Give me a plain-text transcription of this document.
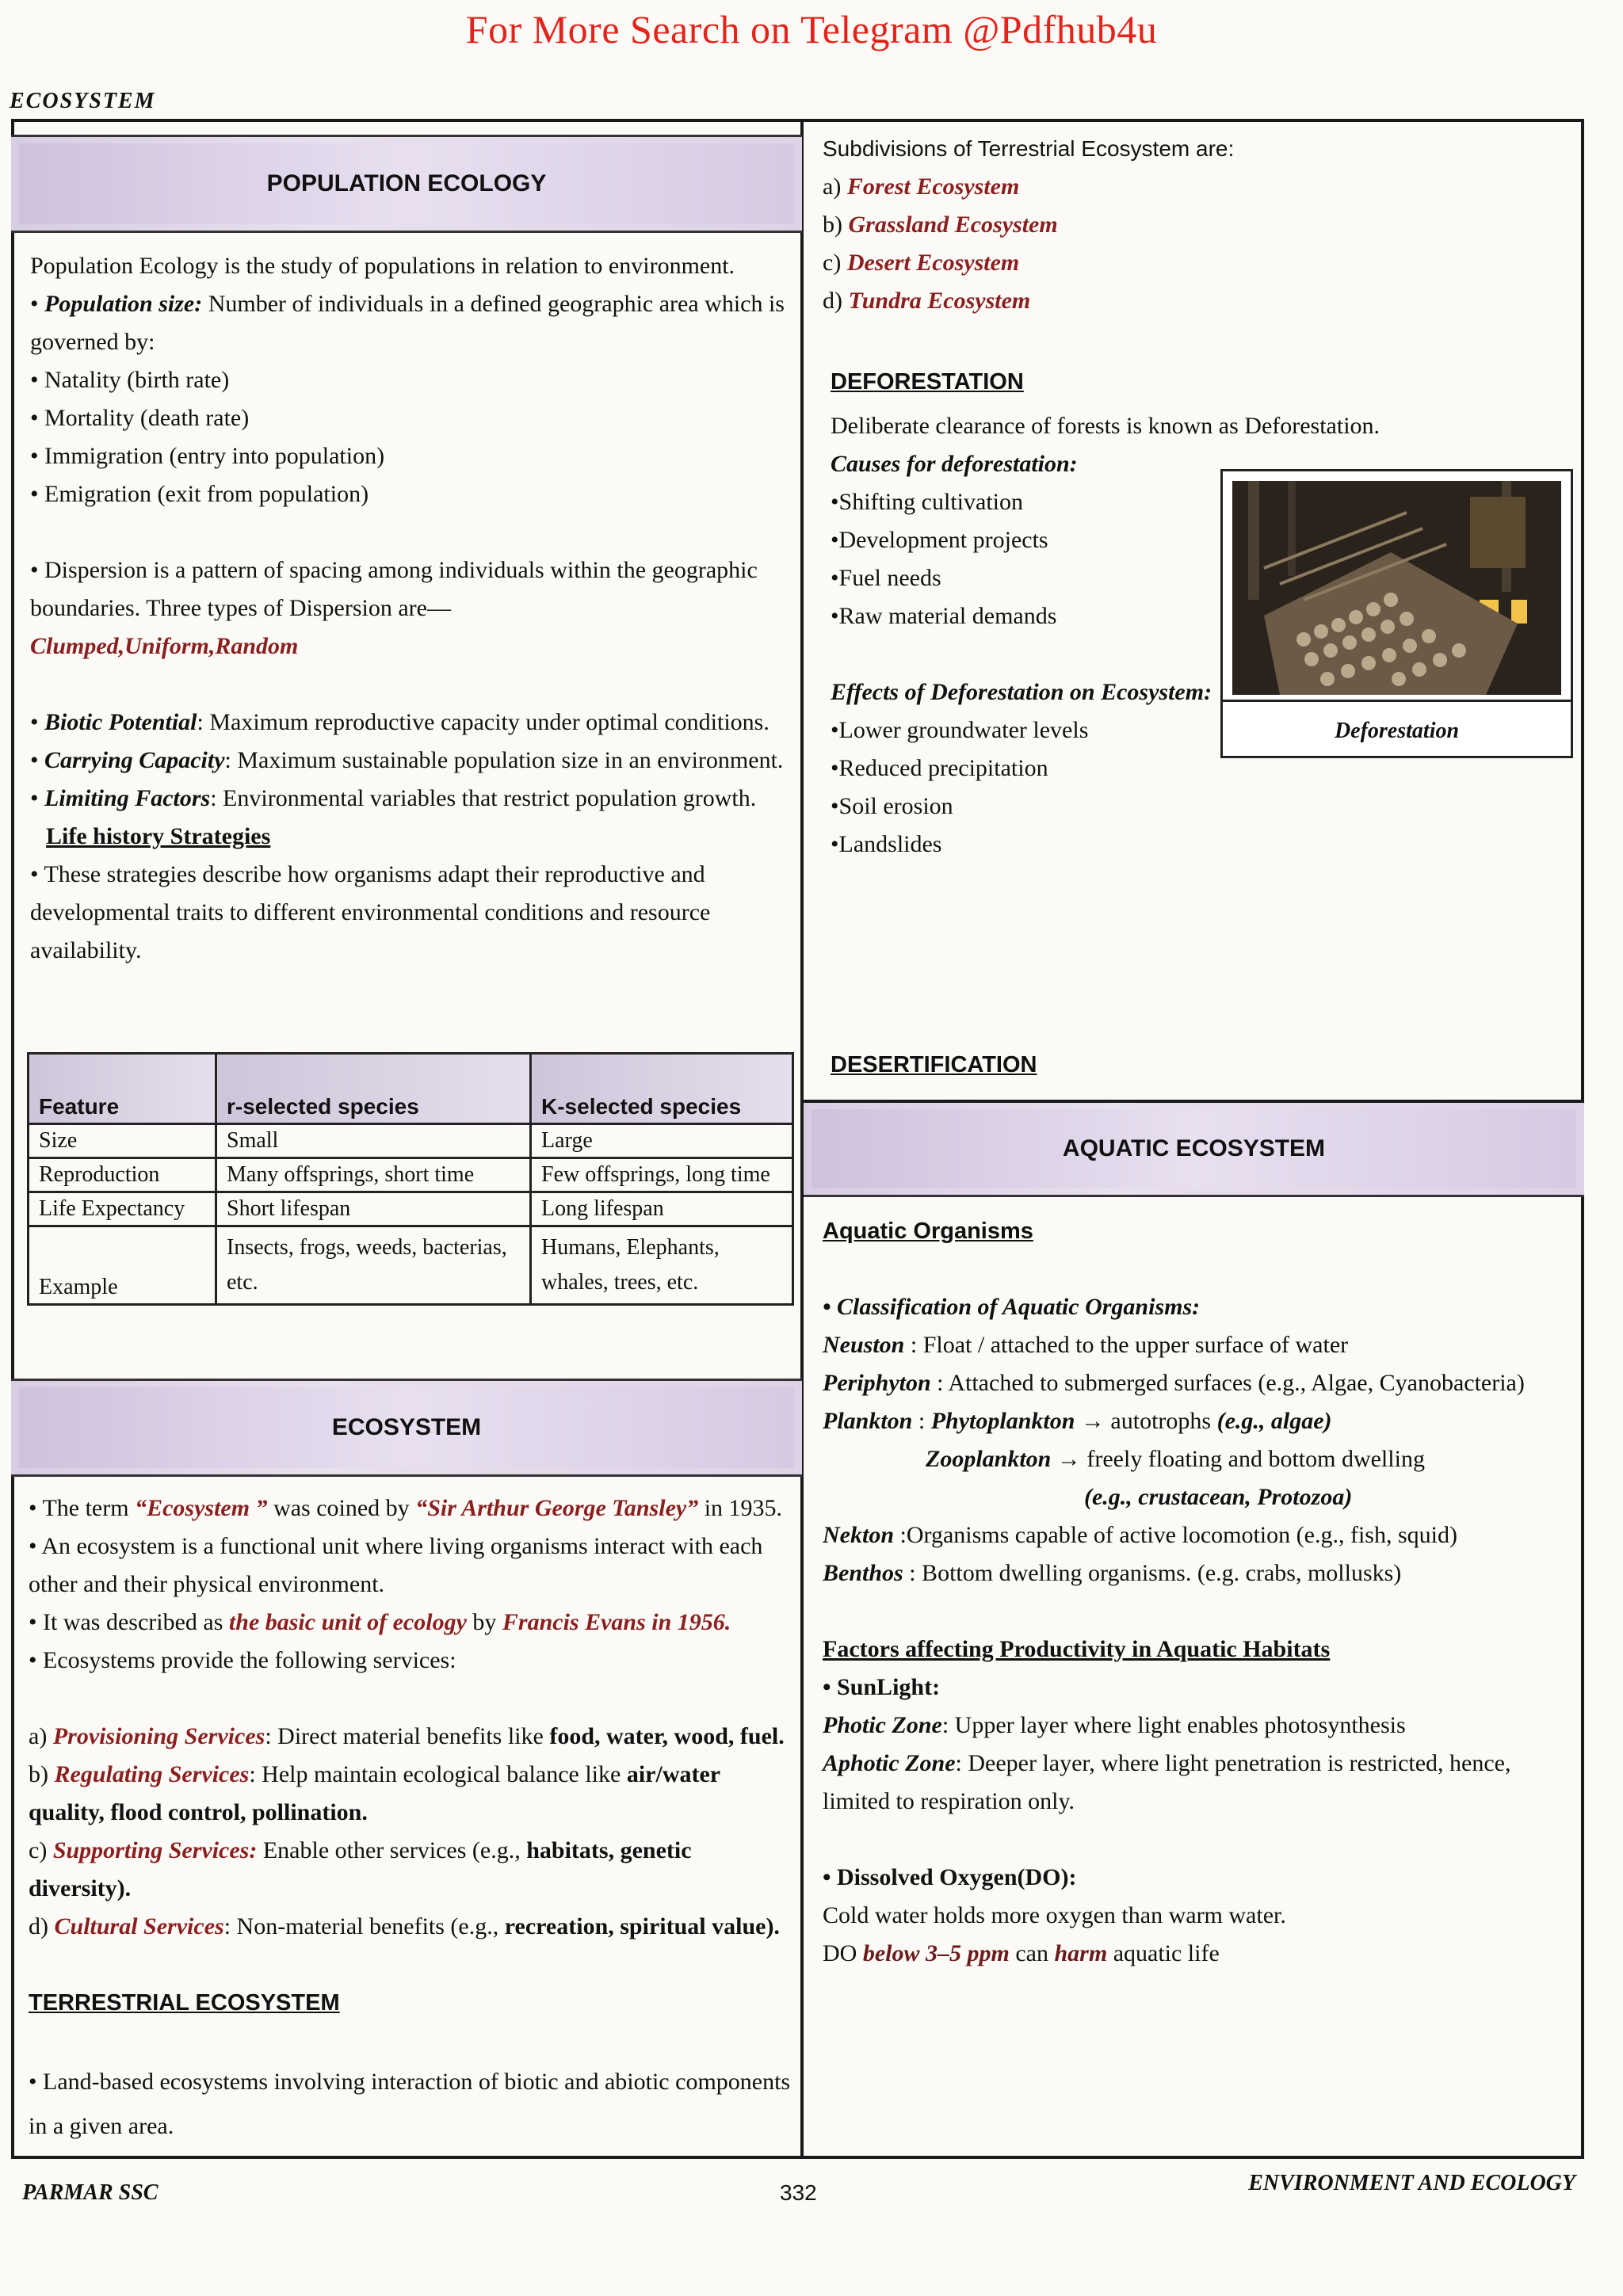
For More Search on Telegram @Pdfhub4u
ECOSYSTEM
POPULATION ECOLOGY

Population Ecology is the study of populations in relation to environment.

• Population size: Number of individuals in a defined geographic area which is governed by:

• Natality (birth rate)

• Mortality (death rate)

• Immigration (entry into population)

• Emigration (exit from population)

• Dispersion is a pattern of spacing among individuals within the geographic boundaries. Three types of Dispersion are—

Clumped,Uniform,Random

• Biotic Potential: Maximum reproductive capacity under optimal conditions.

• Carrying Capacity: Maximum sustainable population size in an environment.

• Limiting Factors: Environmental variables that restrict population growth.

Life history Strategies

• These strategies describe how organisms adapt their reproductive and developmental traits to different environmental conditions and resource availability.

Feature	r-selected species	K-selected species
Size	Small	Large
Reproduction	Many offsprings, short time	Few offsprings, long time
Life Expectancy	Short lifespan	Long lifespan
Example	Insects, frogs, weeds, bacterias, etc.	Humans, Elephants, whales, trees, etc.
ECOSYSTEM

• The term “Ecosystem ” was coined by “Sir Arthur George Tansley” in 1935.

• An ecosystem is a functional unit where living organisms interact with each other and their physical environment.

• It was described as the basic unit of ecology by Francis Evans in 1956.

• Ecosystems provide the following services:

a) Provisioning Services: Direct material benefits like food, water, wood, fuel.

b) Regulating Services: Help maintain ecological balance like air/water quality, flood control, pollination.

c) Supporting Services: Enable other services (e.g., habitats, genetic diversity).

d) Cultural Services: Non-material benefits (e.g., recreation, spiritual value).

TERRESTRIAL ECOSYSTEM

• Land-based ecosystems involving interaction of biotic and abiotic components in a given area.

Subdivisions of Terrestrial Ecosystem are:

a) Forest Ecosystem

b) Grassland Ecosystem

c) Desert Ecosystem

d) Tundra Ecosystem

DEFORESTATION

Deliberate clearance of forests is known as Deforestation.

Causes for deforestation:

•Shifting cultivation

•Development projects

•Fuel needs

•Raw material demands

Effects of Deforestation on Ecosystem:

•Lower groundwater levels

•Reduced precipitation

•Soil erosion

•Landslides

DESERTIFICATION

AQUATIC ECOSYSTEM

Aquatic Organisms

• Classification of Aquatic Organisms:

Neuston : Float / attached to the upper surface of water

Periphyton : Attached to submerged surfaces (e.g., Algae, Cyanobacteria)

Plankton : Phytoplankton → autotrophs (e.g., algae)

Zooplankton → freely floating and bottom dwelling

(e.g., crustacean, Protozoa)

Nekton :Organisms capable of active locomotion (e.g., fish, squid)

Benthos : Bottom dwelling organisms. (e.g. crabs, mollusks)

Factors affecting Productivity in Aquatic Habitats

• SunLight:

Photic Zone: Upper layer where light enables photosynthesis

Aphotic Zone: Deeper layer, where light penetration is restricted, hence, limited to respiration only.

• Dissolved Oxygen(DO):

Cold water holds more oxygen than warm water.

DO below 3–5 ppm can harm aquatic life

Deforestation
PARMAR SSC	332	ENVIRONMENT AND ECOLOGY
